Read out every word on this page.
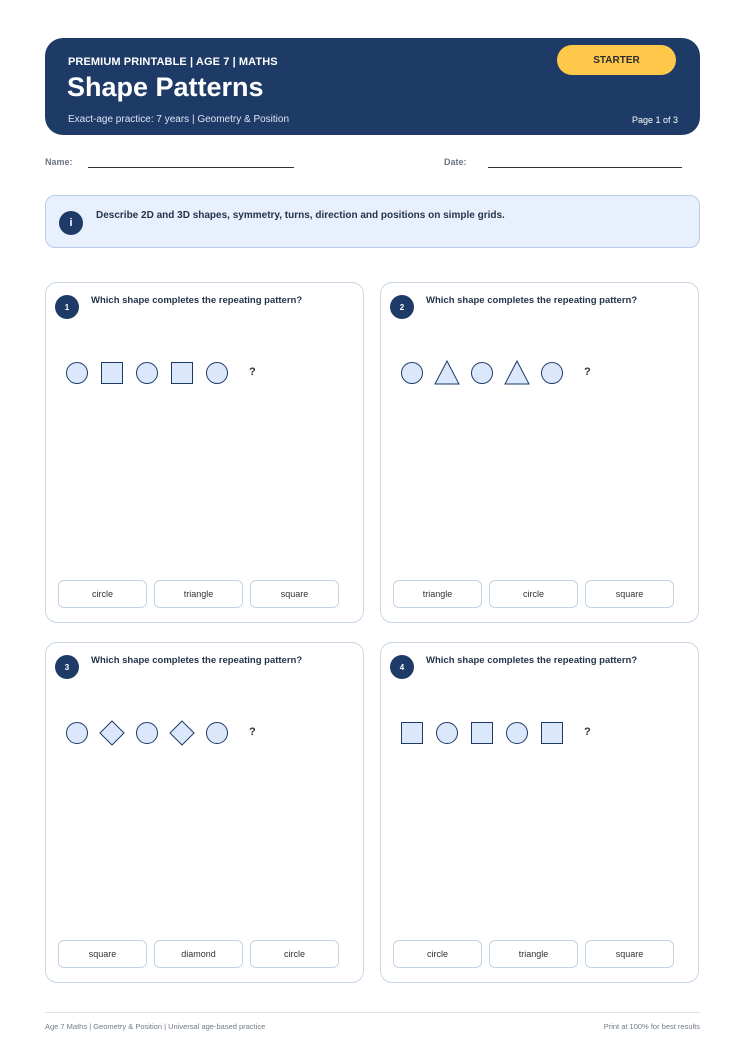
PREMIUM PRINTABLE | AGE 7 | MATHS
Shape Patterns
Exact-age practice: 7 years | Geometry & Position
STARTER
Page 1 of 3
Name:	Date:
i
Describe 2D and 3D shapes, symmetry, turns, direction and positions on simple grids.
1
Which shape completes the repeating pattern?
?
circle	triangle	square
2
Which shape completes the repeating pattern?
?
triangle	circle	square
3
Which shape completes the repeating pattern?
?
square	diamond	circle
4
Which shape completes the repeating pattern?
?
circle	triangle	square
Age 7 Maths | Geometry & Position | Universal age-based practice	Print at 100% for best results
